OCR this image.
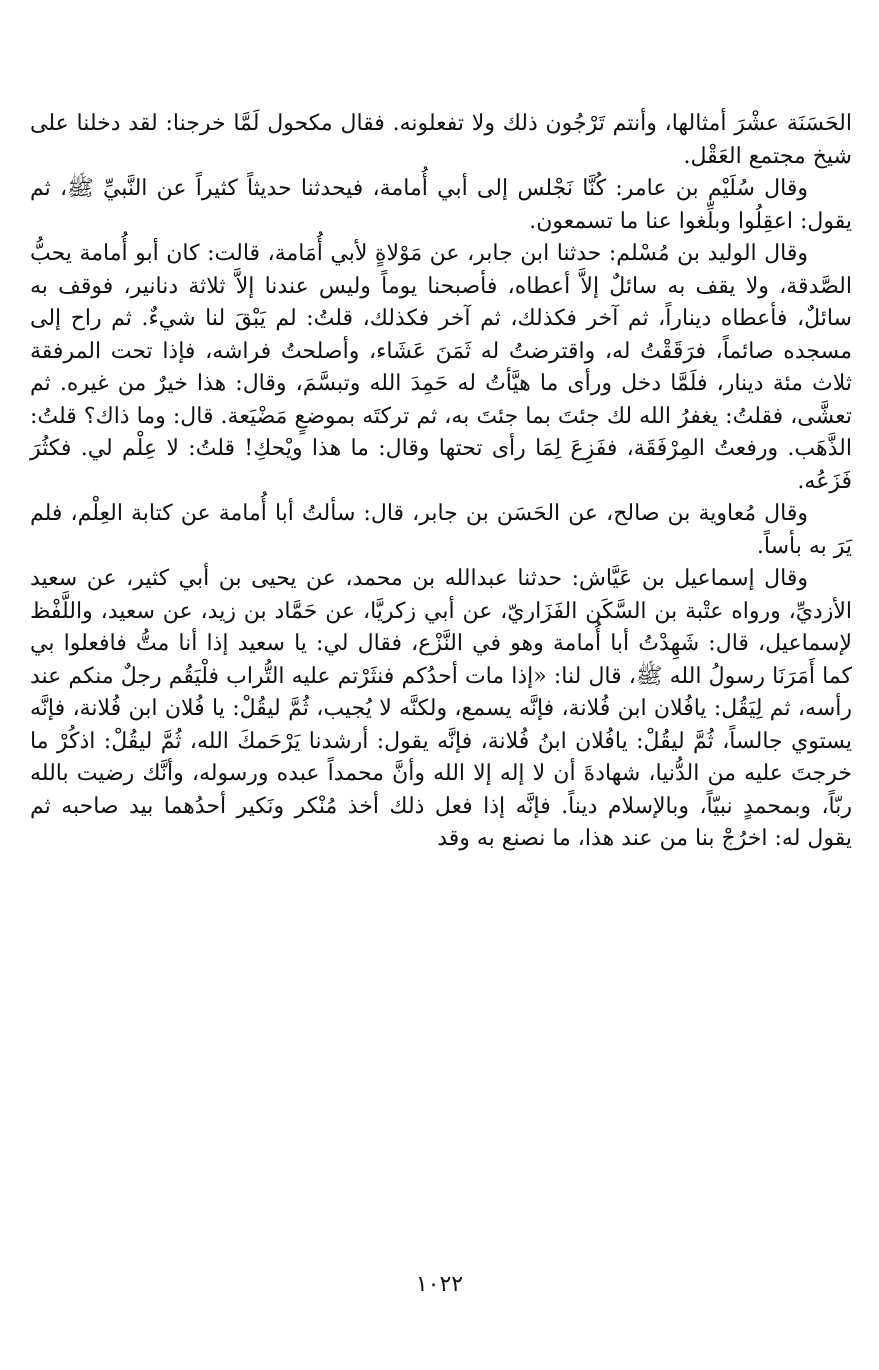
الحَسَنَة عشْرَ أمثالها، وأنتم تَرْجُون ذلك ولا تفعلونه. فقال مكحول لَمَّا خرجنا: لقد دخلنا على شيخ مجتمع العَقْل.

وقال سُلَيْم بن عامر: كُنَّا نَجْلس إلى أبي أُمامة، فيحدثنا حديثاً كثيراً عن النَّبيِّ ﷺ، ثم يقول: اعقِلُوا وبلِّغوا عنا ما تسمعون.

وقال الوليد بن مُسْلم: حدثنا ابن جابر، عن مَوْلاةٍ لأبي أُمَامة، قالت: كان أبو أُمامة يحبُّ الصَّدقة، ولا يقف به سائلٌ إلاَّ أعطاه، فأصبحنا يوماً وليس عندنا إلاَّ ثلاثة دنانير، فوقف به سائلٌ، فأعطاه ديناراً، ثم آخر فكذلك، ثم آخر فكذلك، قلتُ: لم يَبْقَ لنا شيءٌ. ثم راح إلى مسجده صائماً، فرَقَقْتُ له، واقترضتُ له ثَمَنَ عَشَاء، وأصلحتُ فراشه، فإذا تحت المرفقة ثلاث مئة دينار، فلَمَّا دخل ورأى ما هيَّأتُ له حَمِدَ الله وتبسَّمَ، وقال: هذا خيرٌ من غيره. ثم تعشَّى، فقلتُ: يغفرُ الله لك جئتَ بما جئتَ به، ثم تركتَه بموضعٍ مَضْيَعة. قال: وما ذاك؟ قلتُ: الذَّهَب. ورفعتُ المِرْفَقَة، ففَزِعَ لِمَا رأى تحتها وقال: ما هذا ويْحكِ! قلتُ: لا عِلْم لي. فكثُرَ فَزَعُه.

وقال مُعاوية بن صالح، عن الحَسَن بن جابر، قال: سألتُ أبا أُمامة عن كتابة العِلْم، فلم يَرَ به بأساً.

وقال إسماعيل بن عَيَّاش: حدثنا عبدالله بن محمد، عن يحيى بن أبي كثير، عن سعيد الأزديِّ، ورواه عتْبة بن السَّكَن الفَزَاريّ، عن أبي زكريَّا، عن حَمَّاد بن زيد، عن سعيد، واللَّفْظ لإسماعيل، قال: شَهِدْتُ أبا أُمامة وهو في النَّزْع، فقال لي: يا سعيد إذا أنا متُّ فافعلوا بي كما أَمَرَنَا رسولُ الله ﷺ، قال لنا: «إذا مات أحدُكم فنثَرْتم عليه التُّراب فلْيَقُم رجلٌ منكم عند رأسه، ثم لِيَقُل: يافُلان ابن فُلانة، فإنَّه يسمع، ولكنَّه لا يُجيب، ثُمَّ ليقُلْ: يا فُلان ابن فُلانة، فإنَّه يستوي جالساً، ثُمَّ ليقُلْ: يافُلان ابنُ فُلانة، فإنَّه يقول: أرشدنا يَرْحَمكَ الله، ثُمَّ ليقُلْ: اذكُرْ ما خرجتَ عليه من الدُّنيا، شهادةَ أن لا إله إلا الله وأنَّ محمداً عبده ورسوله، وأنَّك رضيت بالله ربّاً، وبمحمدٍ نبيّاً، وبالإسلام ديناً. فإنَّه إذا فعل ذلك أخذ مُنْكر ونَكير أحدُهما بيد صاحبه ثم يقول له: اخرُجْ بنا من عند هذا، ما نصنع به وقد

١٠٢٢
